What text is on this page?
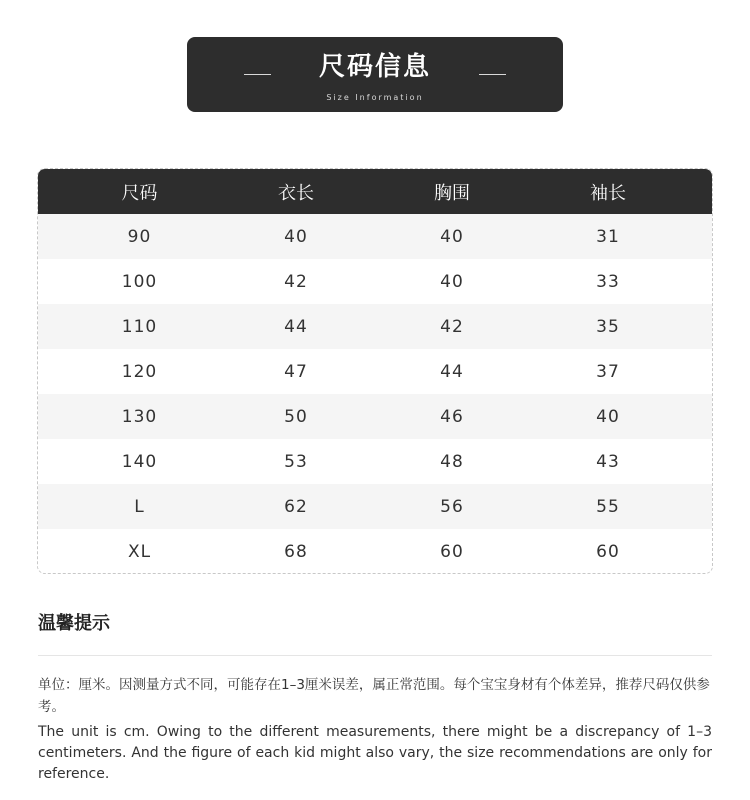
尺码信息
Size Information
尺码	衣长	胸围	袖长
90	40	40	31
100	42	40	33
110	44	42	35
120	47	44	37
130	50	46	40
140	53	48	43
L	62	56	55
XL	68	60	60
温馨提示
单位：厘米。因测量方式不同，可能存在1–3厘米误差，属正常范围。每个宝宝身材有个体差异，推荐尺码仅供参考。
The unit is cm. Owing to the different measurements, there might be a discrepancy of 1–3 centimeters. And the figure of each kid might also vary, the size recommendations are only for reference.
